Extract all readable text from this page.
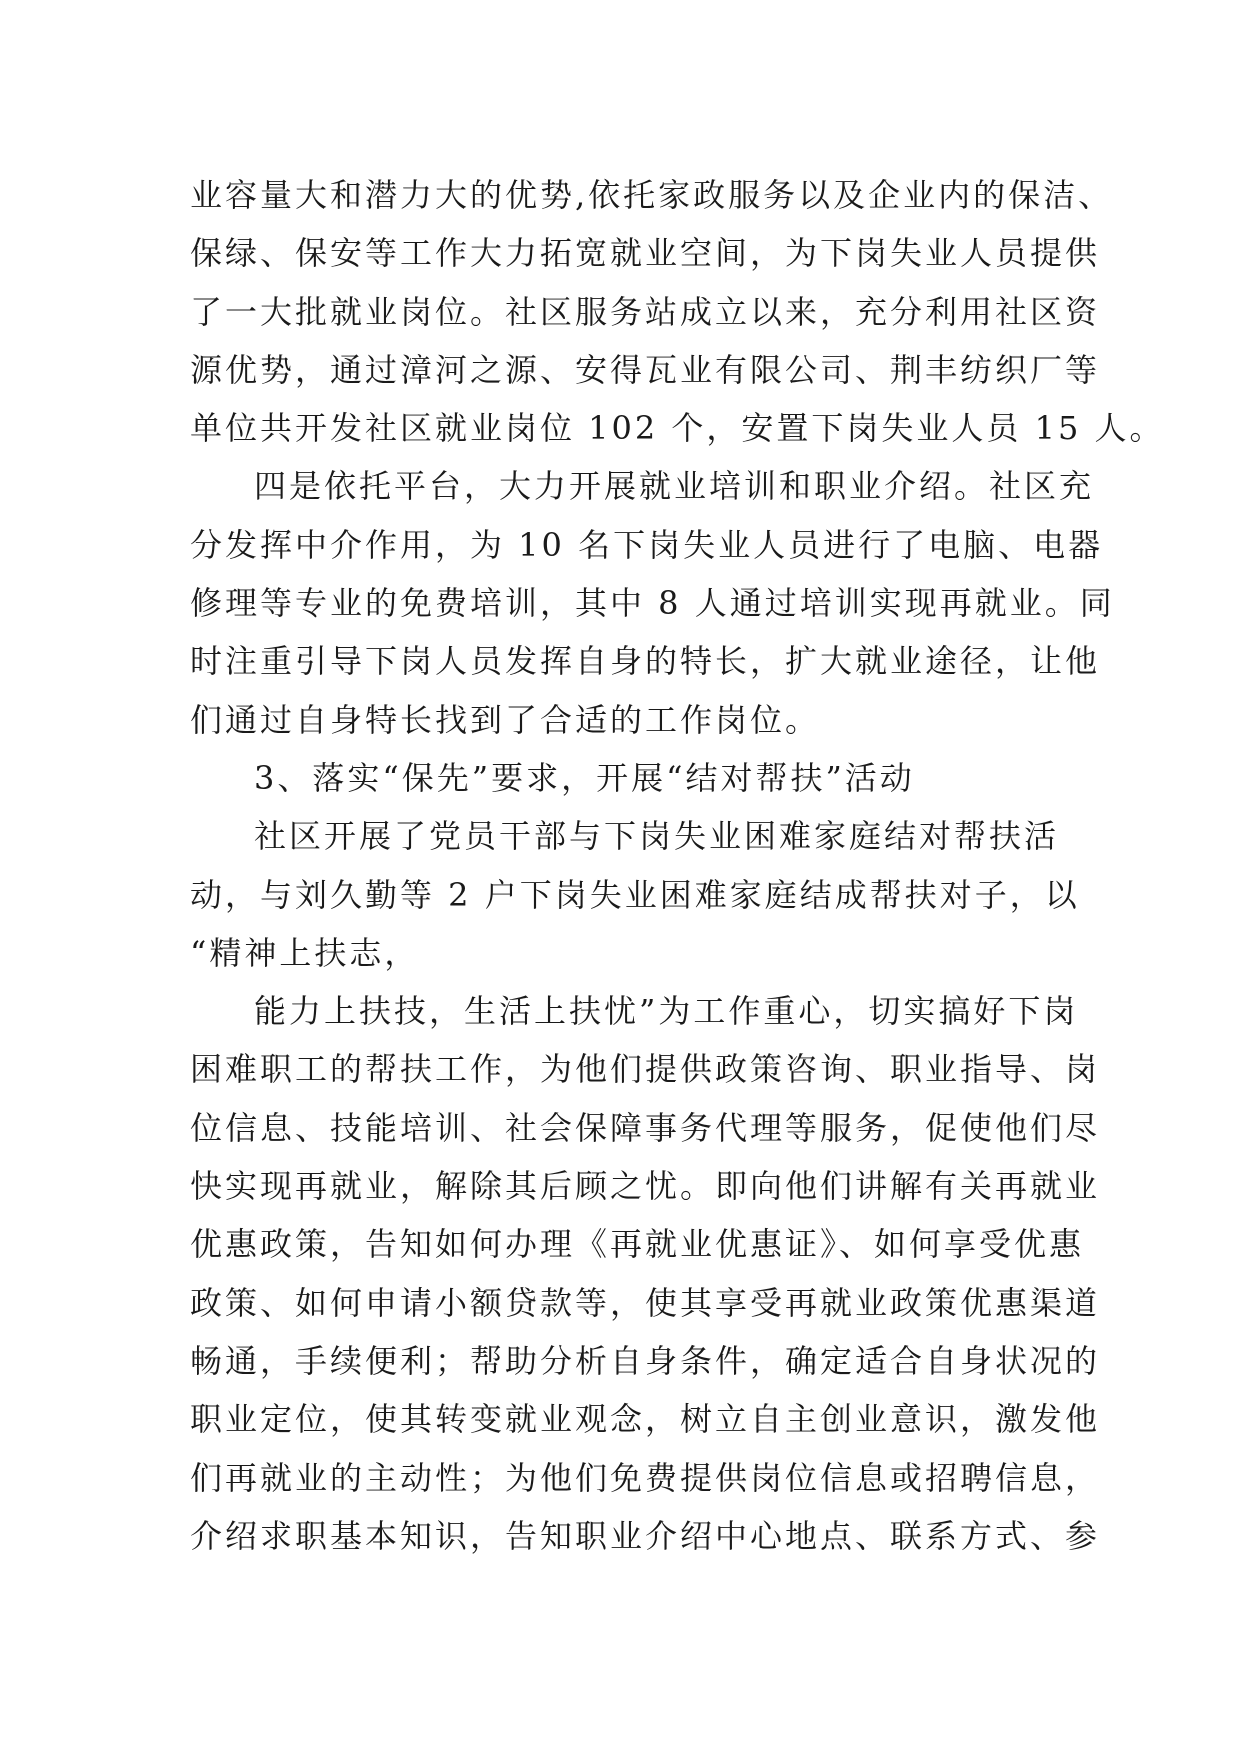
业容量大和潜力大的优势,依托家政服务以及企业内的保洁、
保绿、保安等工作大力拓宽就业空间，为下岗失业人员提供
了一大批就业岗位。社区服务站成立以来，充分利用社区资
源优势，通过漳河之源、安得瓦业有限公司、荆丰纺织厂等
单位共开发社区就业岗位 102 个，安置下岗失业人员 15 人。
四是依托平台，大力开展就业培训和职业介绍。社区充
分发挥中介作用，为 10 名下岗失业人员进行了电脑、电器
修理等专业的免费培训，其中 8 人通过培训实现再就业。同
时注重引导下岗人员发挥自身的特长，扩大就业途径，让他
们通过自身特长找到了合适的工作岗位。
3、落实“保先”要求，开展“结对帮扶”活动
社区开展了党员干部与下岗失业困难家庭结对帮扶活
动，与刘久勤等 2 户下岗失业困难家庭结成帮扶对子，以
“精神上扶志，
能力上扶技，生活上扶忧”为工作重心，切实搞好下岗
困难职工的帮扶工作，为他们提供政策咨询、职业指导、岗
位信息、技能培训、社会保障事务代理等服务，促使他们尽
快实现再就业，解除其后顾之忧。即向他们讲解有关再就业
优惠政策，告知如何办理《再就业优惠证》、如何享受优惠
政策、如何申请小额贷款等，使其享受再就业政策优惠渠道
畅通，手续便利；帮助分析自身条件，确定适合自身状况的
职业定位，使其转变就业观念，树立自主创业意识，激发他
们再就业的主动性；为他们免费提供岗位信息或招聘信息，
介绍求职基本知识，告知职业介绍中心地点、联系方式、参
